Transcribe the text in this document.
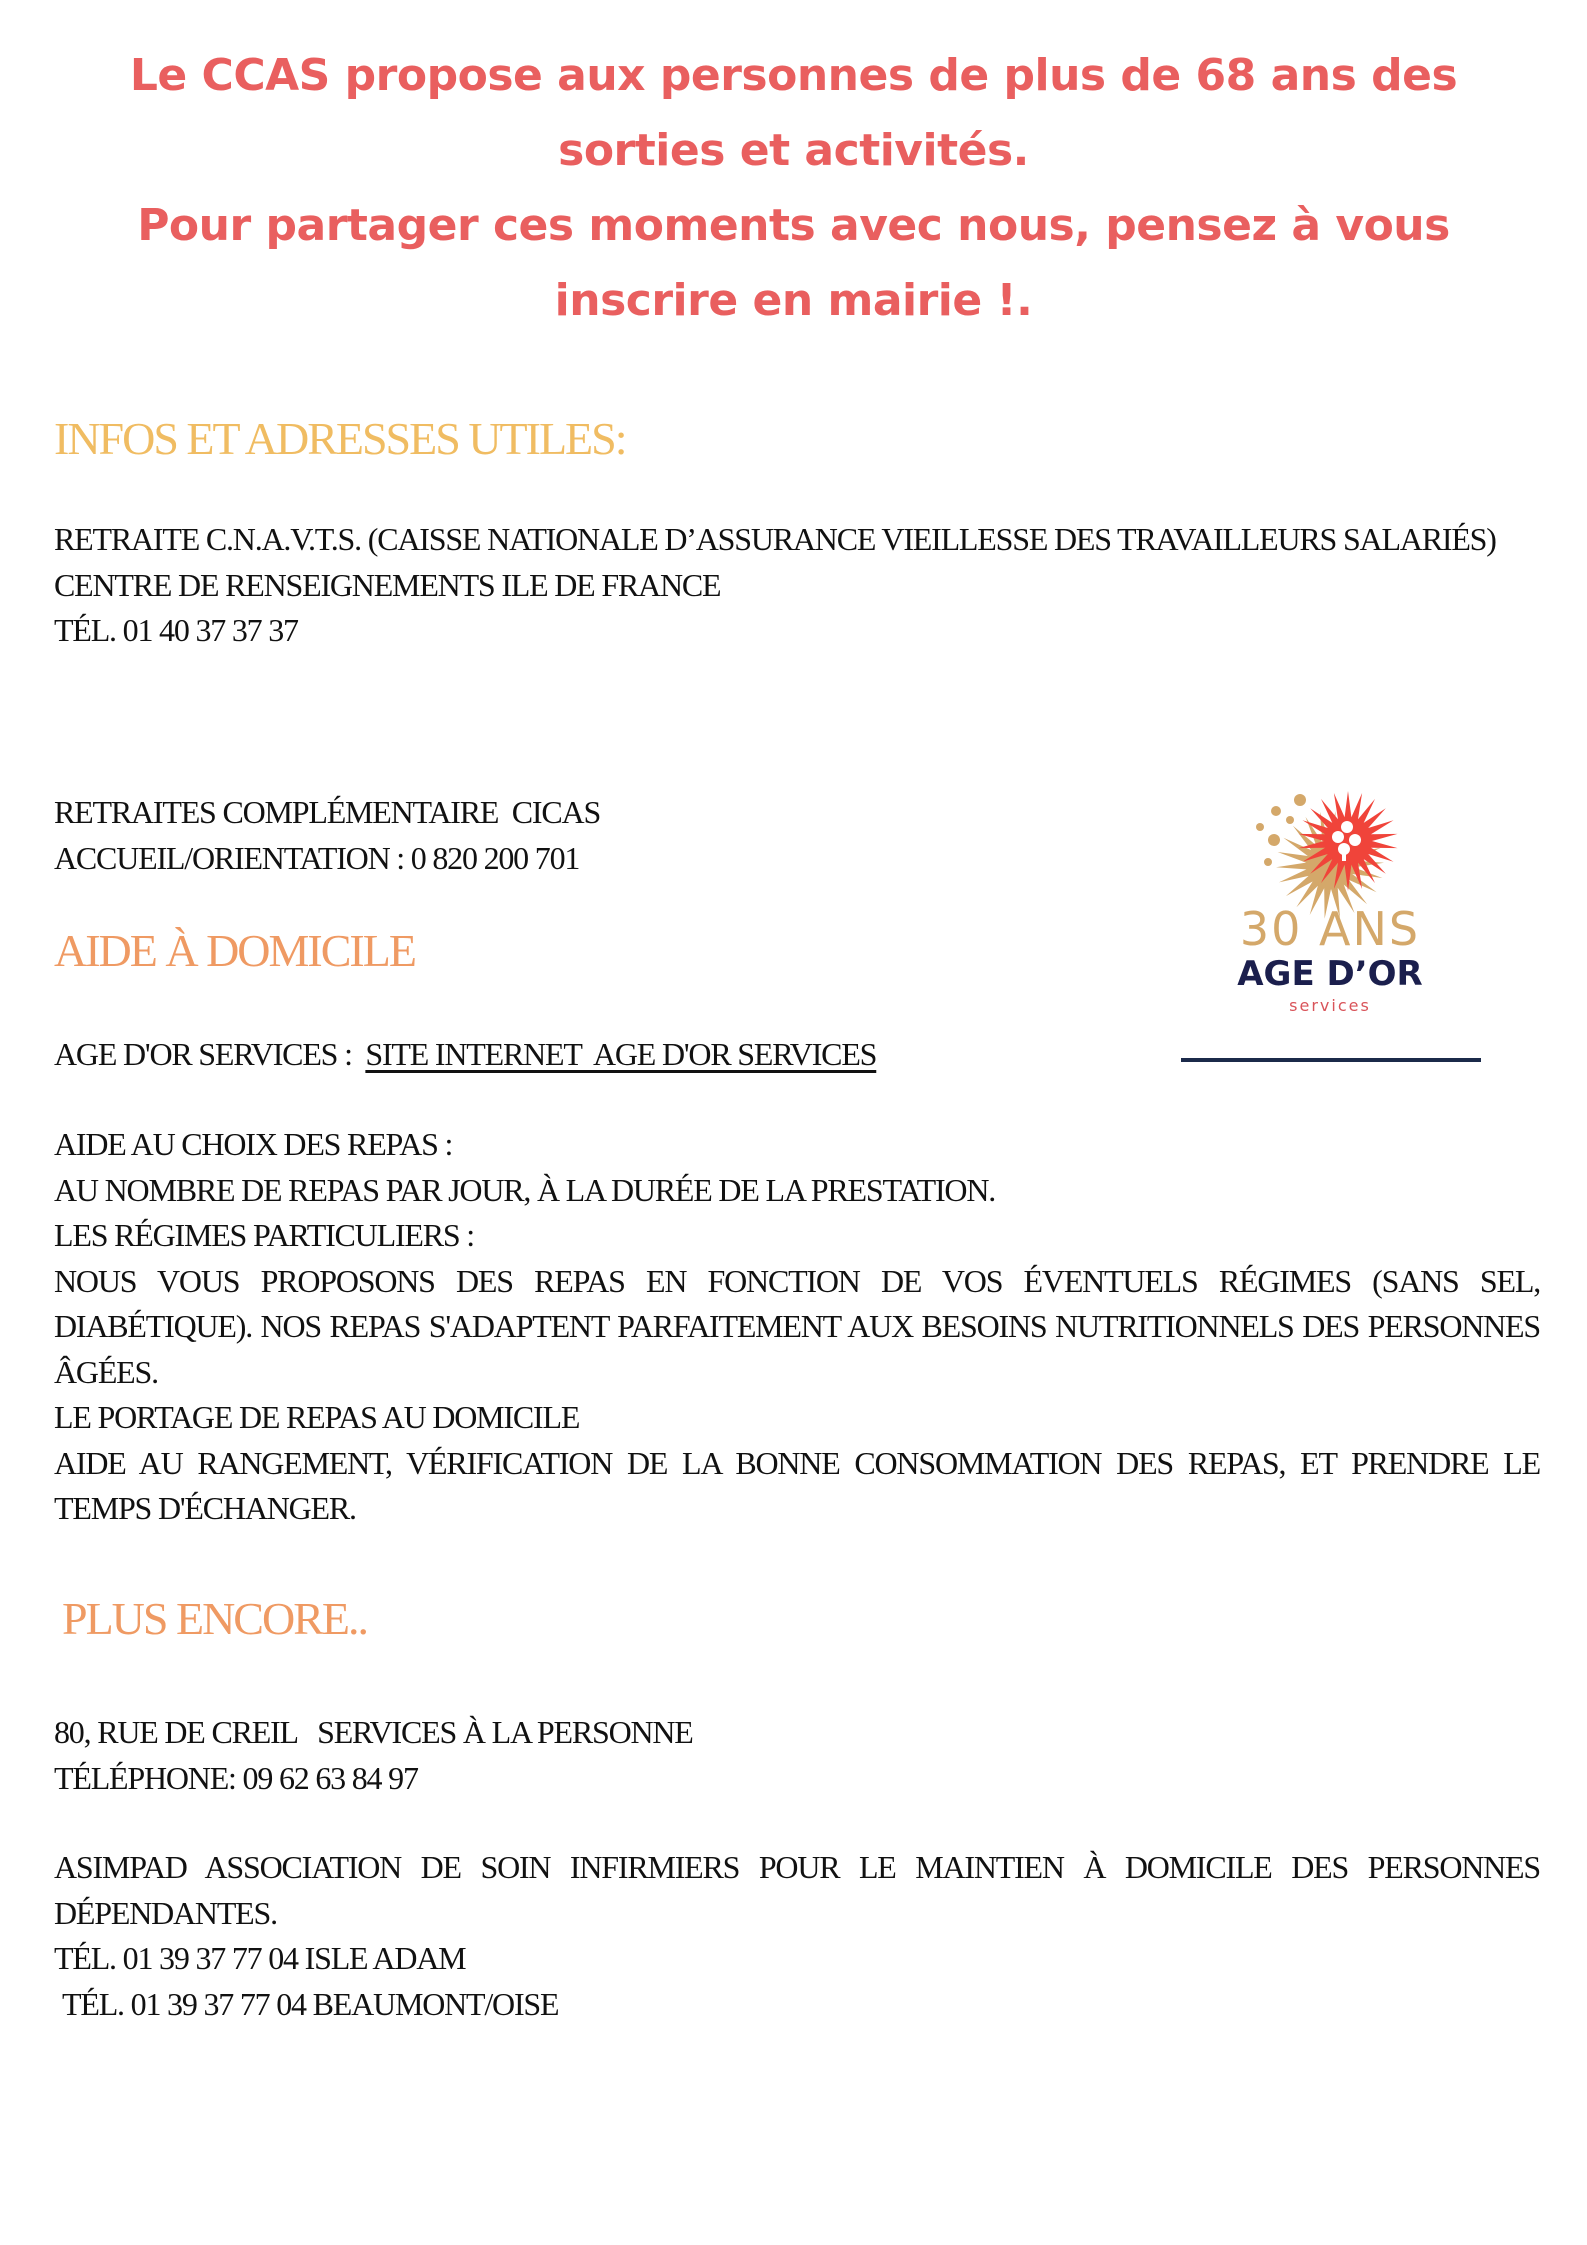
Le CCAS propose aux personnes de plus de 68 ans des sorties et activités.

Pour partager ces moments avec nous, pensez à vous inscrire en mairie !.

INFOS ET ADRESSES UTILES:

RETRAITE C.N.A.V.T.S. (CAISSE NATIONALE D’ASSURANCE VIEILLESSE DES TRAVAILLEURS SALARIÉS)

CENTRE DE RENSEIGNEMENTS ILE DE FRANCE

TÉL. 01 40 37 37 37

RETRAITES COMPLÉMENTAIRE  CICAS

ACCUEIL/ORIENTATION : 0 820 200 701

AIDE À DOMICILE

AGE D'OR SERVICES : SITE INTERNET  AGE D'OR SERVICES

AIDE AU CHOIX DES REPAS :

AU NOMBRE DE REPAS PAR JOUR, À LA DURÉE DE LA PRESTATION.

LES RÉGIMES PARTICULIERS :

NOUS VOUS PROPOSONS DES REPAS EN FONCTION DE VOS ÉVENTUELS RÉGIMES (SANS SEL, DIABÉTIQUE). NOS REPAS S'ADAPTENT PARFAITEMENT AUX BESOINS NUTRITIONNELS DES PERSONNES ÂGÉES.

LE PORTAGE DE REPAS AU DOMICILE

AIDE AU RANGEMENT, VÉRIFICATION DE LA BONNE CONSOMMATION DES REPAS, ET PRENDRE LE TEMPS D'ÉCHANGER.

PLUS ENCORE..

80, RUE DE CREIL   SERVICES À LA PERSONNE

TÉLÉPHONE: 09 62 63 84 97

ASIMPAD ASSOCIATION DE SOIN INFIRMIERS POUR LE MAINTIEN À DOMICILE DES PERSONNES DÉPENDANTES.

TÉL. 01 39 37 77 04 ISLE ADAM

TÉL. 01 39 37 77 04 BEAUMONT/OISE

30 ANS
AGE D’OR
services
